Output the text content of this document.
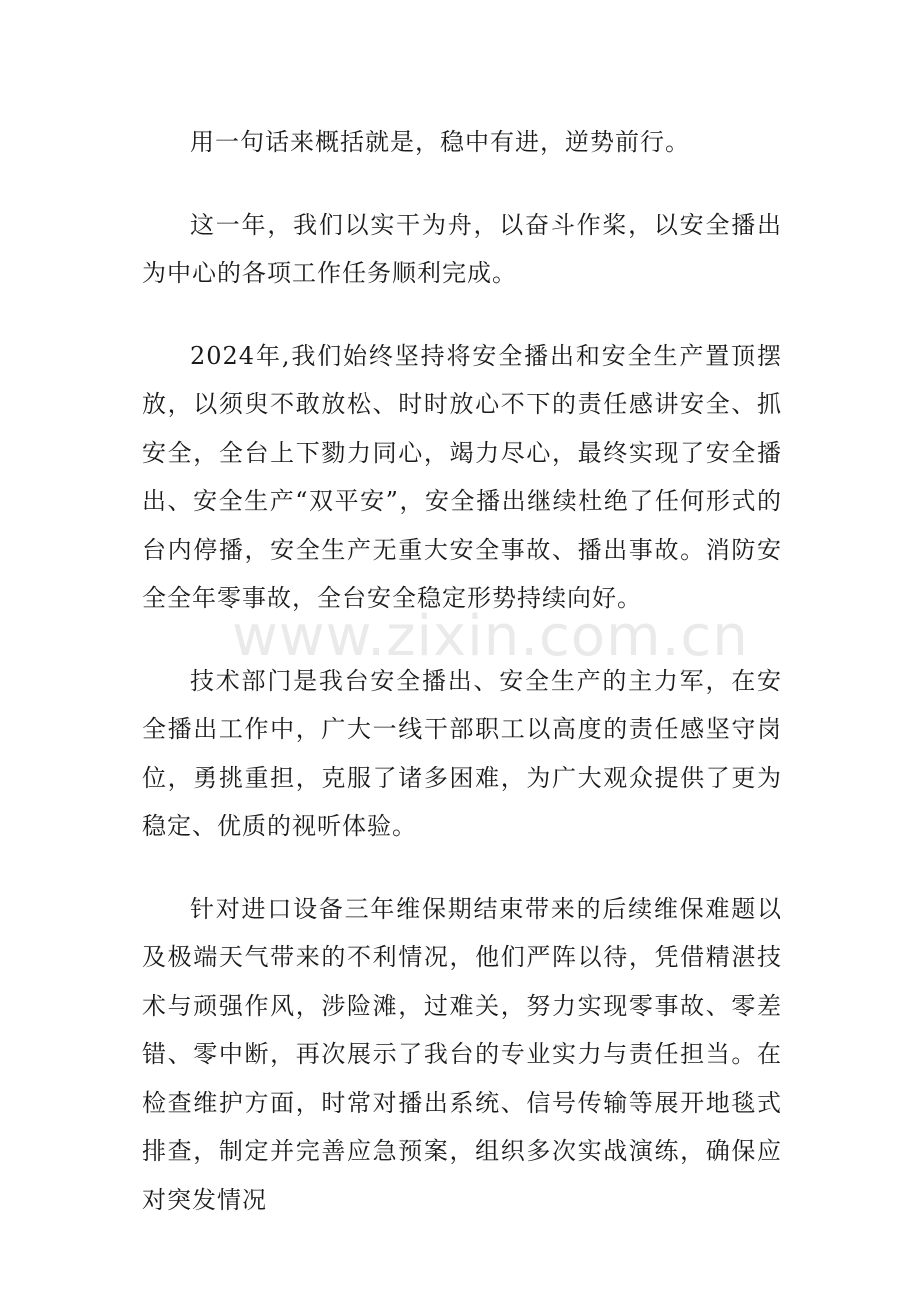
用一句话来概括就是，稳中有进，逆势前行。

这一年，我们以实干为舟，以奋斗作桨，以安全播出为中心的各项工作任务顺利完成。

2024年,我们始终坚持将安全播出和安全生产置顶摆放，以须臾不敢放松、时时放心不下的责任感讲安全、抓安全，全台上下勠力同心，竭力尽心，最终实现了安全播出、安全生产“双平安”，安全播出继续杜绝了任何形式的台内停播，安全生产无重大安全事故、播出事故。消防安全全年零事故，全台安全稳定形势持续向好。

技术部门是我台安全播出、安全生产的主力军，在安全播出工作中，广大一线干部职工以高度的责任感坚守岗位，勇挑重担，克服了诸多困难，为广大观众提供了更为稳定、优质的视听体验。

针对进口设备三年维保期结束带来的后续维保难题以及极端天气带来的不利情况，他们严阵以待，凭借精湛技术与顽强作风，涉险滩，过难关，努力实现零事故、零差错、零中断，再次展示了我台的专业实力与责任担当。在检查维护方面，时常对播出系统、信号传输等展开地毯式排查，制定并完善应急预案，组织多次实战演练，确保应对突发情况

www.zixin.com.cn
